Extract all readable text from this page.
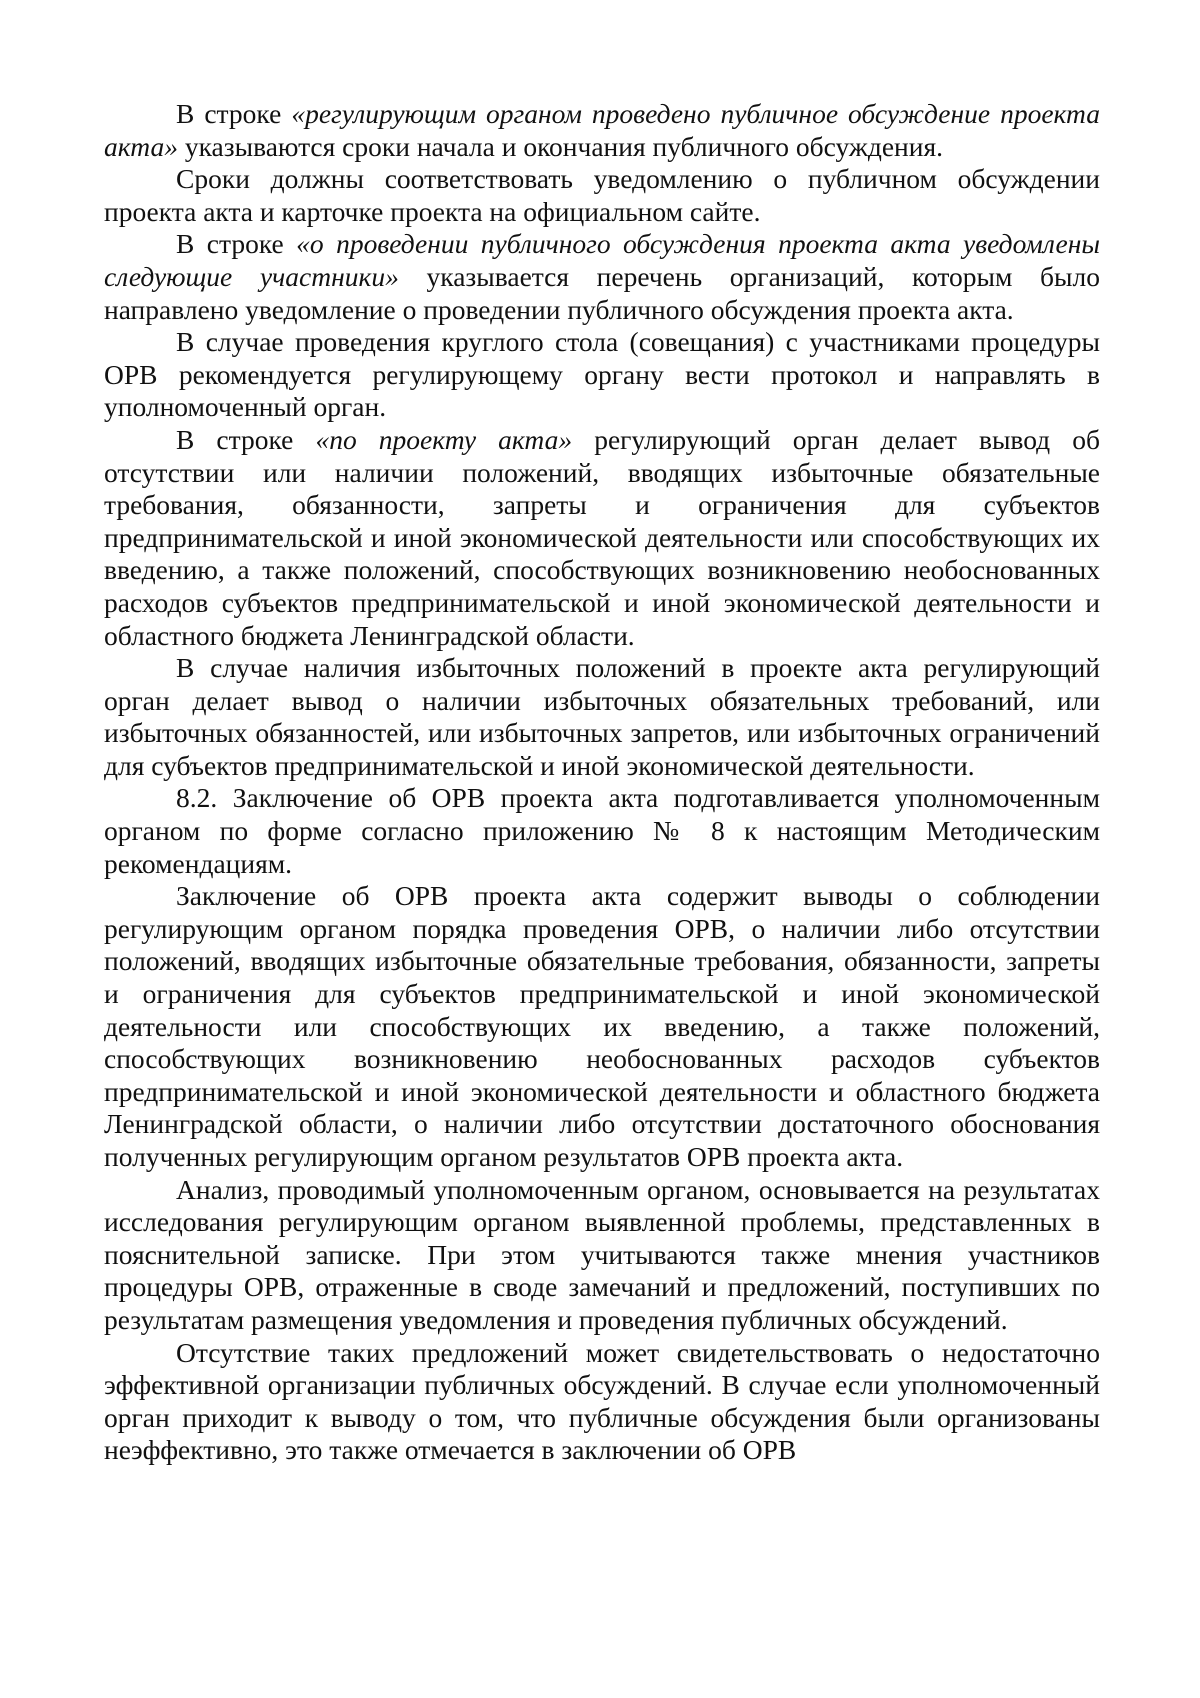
В строке «регулирующим органом проведено публичное обсуждение проекта акта» указываются сроки начала и окончания публичного обсуждения.

Сроки должны соответствовать уведомлению о публичном обсуждении проекта акта и карточке проекта на официальном сайте.

В строке «о проведении публичного обсуждения проекта акта уведомлены следующие участники» указывается перечень организаций, которым было направлено уведомление о проведении публичного обсуждения проекта акта.

В случае проведения круглого стола (совещания) с участниками процедуры ОРВ рекомендуется регулирующему органу вести протокол и направлять в уполномоченный орган.

В строке «по проекту акта» регулирующий орган делает вывод об отсутствии или наличии положений, вводящих избыточные обязательные требования, обязанности, запреты и ограничения для субъектов предпринимательской и иной экономической деятельности или способствующих их введению, а также положений, способствующих возникновению необоснованных расходов субъектов предпринимательской и иной экономической деятельности и областного бюджета Ленинградской области.

В случае наличия избыточных положений в проекте акта регулирующий орган делает вывод о наличии избыточных обязательных требований, или избыточных обязанностей, или избыточных запретов, или избыточных ограничений для субъектов предпринимательской и иной экономической деятельности.

8.2. Заключение об ОРВ проекта акта подготавливается уполномоченным органом по форме согласно приложению № 8 к настоящим Методическим рекомендациям.

Заключение об ОРВ проекта акта содержит выводы о соблюдении регулирующим органом порядка проведения ОРВ, о наличии либо отсутствии положений, вводящих избыточные обязательные требования, обязанности, запреты и ограничения для субъектов предпринимательской и иной экономической деятельности или способствующих их введению, а также положений, способствующих возникновению необоснованных расходов субъектов предпринимательской и иной экономической деятельности и областного бюджета Ленинградской области, о наличии либо отсутствии достаточного обоснования полученных регулирующим органом результатов ОРВ проекта акта.

Анализ, проводимый уполномоченным органом, основывается на результатах исследования регулирующим органом выявленной проблемы, представленных в пояснительной записке. При этом учитываются также мнения участников процедуры ОРВ, отраженные в своде замечаний и предложений, поступивших по результатам размещения уведомления и проведения публичных обсуждений.

Отсутствие таких предложений может свидетельствовать о недостаточно эффективной организации публичных обсуждений. В случае если уполномоченный орган приходит к выводу о том, что публичные обсуждения были организованы неэффективно, это также отмечается в заключении об ОРВ
